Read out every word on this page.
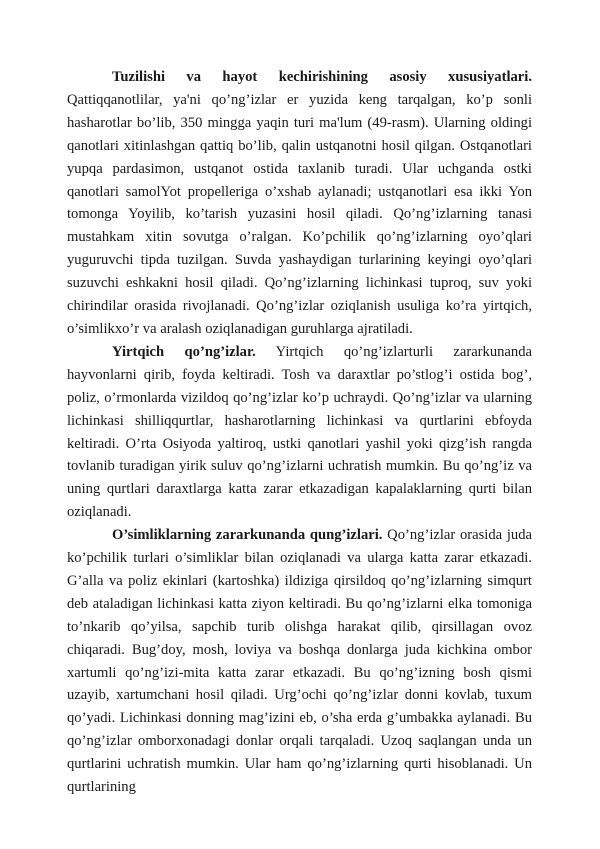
Tuzilishi va hayot kechirishining asosiy xususiyatlari. Qattiqqanotlilar, ya'ni qo’ng’izlar er yuzida keng tarqalgan, ko’p sonli hasharotlar bo’lib, 350 mingga yaqin turi ma'lum (49-rasm). Ularning oldingi qanotlari xitinlashgan qattiq bo’lib, qalin ustqanotni hosil qilgan. Ostqanotlari yupqa pardasimon, ustqanot ostida taxlanib turadi. Ular uchganda ostki qanotlari samolYot propelleriga o’xshab aylanadi; ustqanotlari esa ikki Yon tomonga Yoyilib, ko’tarish yuzasini hosil qiladi. Qo’ng’izlarning tanasi mustahkam xitin sovutga o’ralgan. Ko’pchilik qo’ng’izlarning oyo’qlari yuguruvchi tipda tuzilgan. Suvda yashaydigan turlarining keyingi oyo’qlari suzuvchi eshkakni hosil qiladi. Qo’ng’izlarning lichinkasi tuproq, suv yoki chirindilar orasida rivojlanadi. Qo’ng’izlar oziqlanish usuliga ko’ra yirtqich, o’simlikxo’r va aralash oziqlanadigan guruhlarga ajratiladi.

Yirtqich qo’ng’izlar. Yirtqich qo’ng’izlarturli zararkunanda hayvonlarni qirib, foyda keltiradi. Tosh va daraxtlar po’stlog’i ostida bog’, poliz, o’rmonlarda vizildoq qo’ng’izlar ko’p uchraydi. Qo’ng’izlar va ularning lichinkasi shilliqqurtlar, hasharotlarning lichinkasi va qurtlarini ebfoyda keltiradi. O’rta Osiyoda yaltiroq, ustki qanotlari yashil yoki qizg’ish rangda tovlanib turadigan yirik suluv qo’ng’izlarni uchratish mumkin. Bu qo’ng’iz va uning qurtlari daraxtlarga katta zarar etkazadigan kapalaklarning qurti bilan oziqlanadi.

O’simliklarning zararkunanda qung’izlari. Qo’ng’izlar orasida juda ko’pchilik turlari o’simliklar bilan oziqlanadi va ularga katta zarar etkazadi. G’alla va poliz ekinlari (kartoshka) ildiziga qirsildoq qo’ng’izlarning simqurt deb ataladigan lichinkasi katta ziyon keltiradi. Bu qo’ng’izlarni elka tomoniga to’nkarib qo’yilsa, sapchib turib olishga harakat qilib, qirsillagan ovoz chiqaradi. Bug’doy, mosh, loviya va boshqa donlarga juda kichkina ombor xartumli qo’ng’izi-mita katta zarar etkazadi. Bu qo’ng’izning bosh qismi uzayib, xartumchani hosil qiladi. Urg’ochi qo’ng’izlar donni kovlab, tuxum qo’yadi. Lichinkasi donning mag’izini eb, o’sha erda g’umbakka aylanadi. Bu qo’ng’izlar omborxonadagi donlar orqali tarqaladi. Uzoq saqlangan unda un qurtlarini uchratish mumkin. Ular ham qo’ng’izlarning qurti hisoblanadi. Un qurtlarining
